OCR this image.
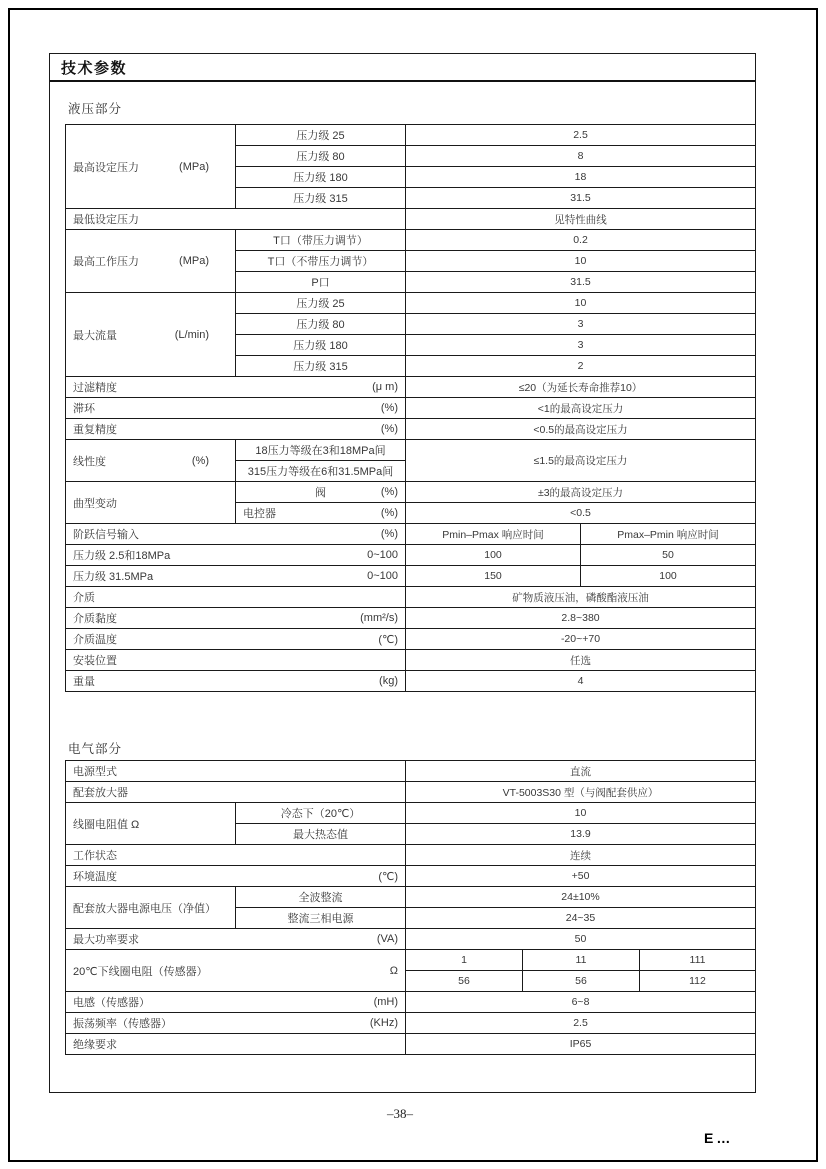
技术参数
液压部分
最高设定压力 (MPa)	压力级 25	2.5	
	压力级 80	8	
	压力级 180	18	
	压力级 315	31.5	
最低设定压力		见特性曲线	

最高工作压力 (MPa)	T口（带压力调节）	0.2	
	T口（不带压力调节）	10	
	P口	31.5	

最大流量 (L/min)	压力级 25	10	
	压力级 80	3	
	压力级 180	3	
	压力级 315	2	

过滤精度 (μ m)		≤20（为延长寿命推荐10）	

滞环 (%)		<1的最高设定压力	

重复精度 (%)		<0.5的最高设定压力	

线性度 (%)	18压力等级在3和18MPa间	≤1.5的最高设定压力	
	315压力等级在6和31.5MPa间		
曲型变动	阀 (%)	±3的最高设定压力	

	电控器 (%)	<0.5	

阶跃信号输入 (%)		Pmin–Pmax 响应时间	Pmax–Pmin 响应时间

压力级 2.5和18MPa 0~100		100	50

压力级 31.5MPa 0~100		150	100
介质		矿物质液压油，磷酸酯液压油	

介质黏度 (mm²/s)		2.8~380	

介质温度 (℃)		-20~+70	
安装位置		任选	

重量 (kg)		4	
电气部分
电源型式		直流		
配套放大器		VT-5003S30 型（与阀配套供应）		
线圈电阻值 Ω	冷态下（20℃）	10		
	最大热态值	13.9		
工作状态		连续		

环境温度 (℃)		+50		
配套放大器电源电压（净值）	全波整流	24±10%		
	整流三相电源	24~35		

最大功率要求 (VA)		50		

20℃下线圈电阻（传感器） Ω		1	11	111
		56	56	112

电感（传感器） (mH)		6~8		

振荡频率（传感器） (KHz)		2.5		
绝缘要求		IP65		
–38–
E…
